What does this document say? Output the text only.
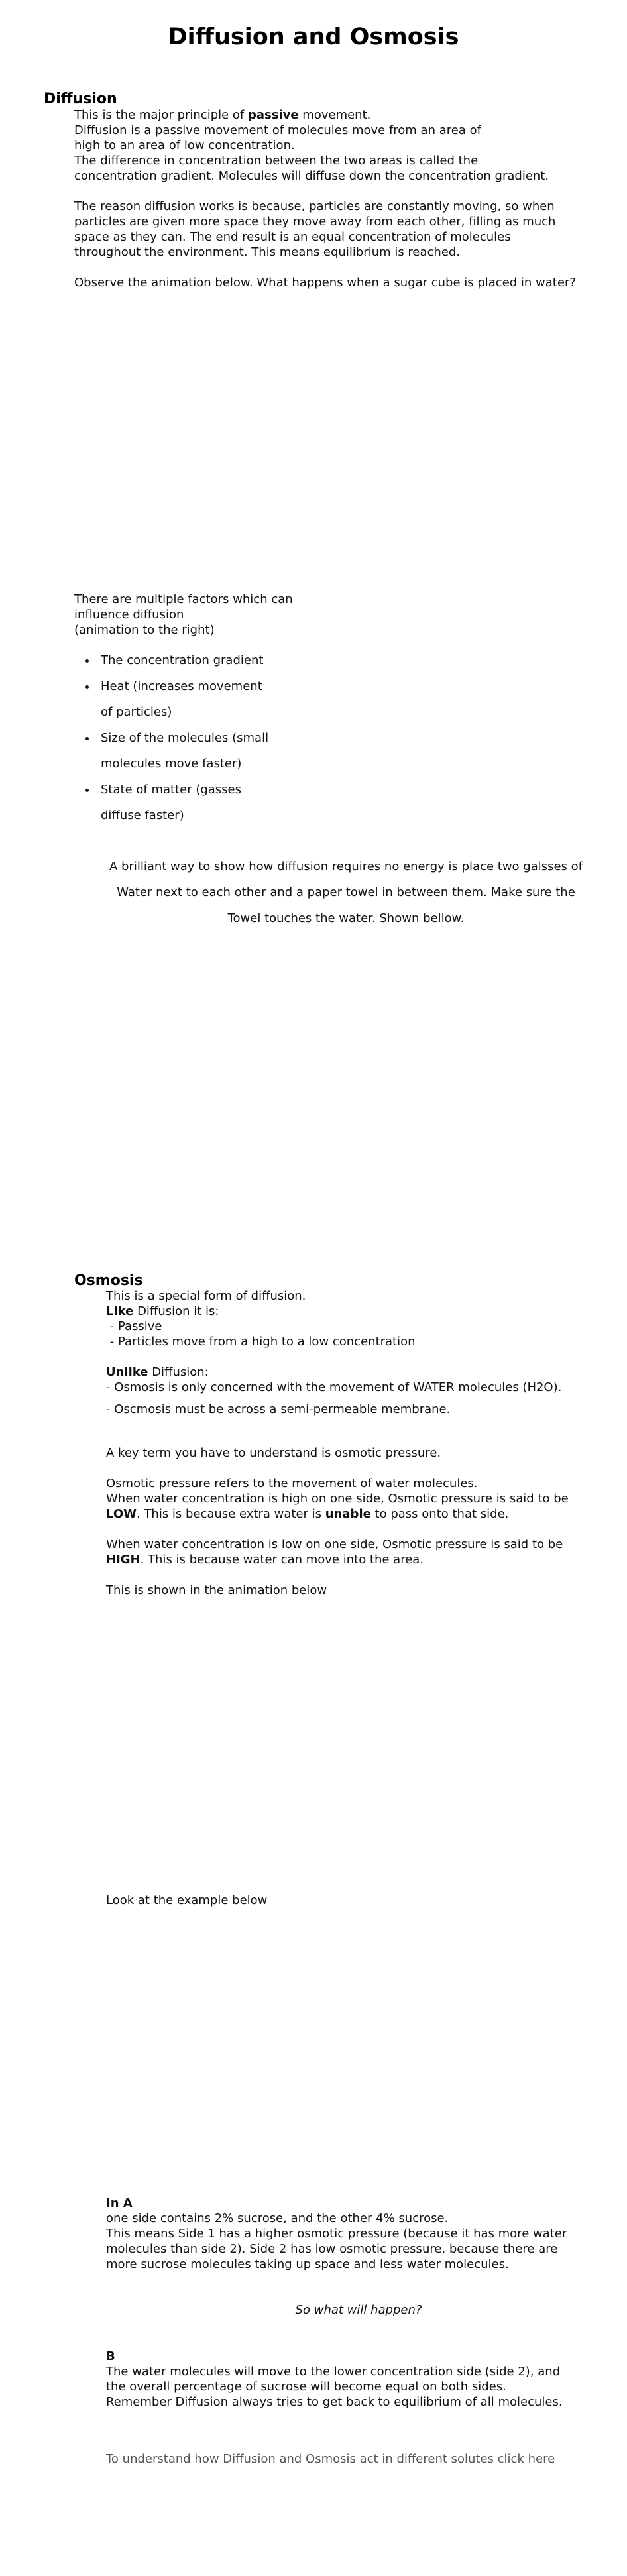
Diffusion and Osmosis
Diffusion
This is the major principle of passive movement.
Diffusion is a passive movement of molecules move from an area of
high to an area of low concentration.
The difference in concentration between the two areas is called the
concentration gradient. Molecules will diffuse down the concentration gradient.
The reason diffusion works is because, particles are constantly moving, so when
particles are given more space they move away from each other, filling as much
space as they can. The end result is an equal concentration of molecules
throughout the environment. This means equilibrium is reached.
Observe the animation below. What happens when a sugar cube is placed in water?
There are multiple factors which can
influence diffusion
(animation to the right)
• The concentration gradient
• Heat (increases movement
of particles)
• Size of the molecules (small
molecules move faster)
• State of matter (gasses
diffuse faster)
A brilliant way to show how diffusion requires no energy is place two galsses of
Water next to each other and a paper towel in between them. Make sure the
Towel touches the water. Shown bellow.
Osmosis
This is a special form of diffusion.
Like Diffusion it is:
- Passive
- Particles move from a high to a low concentration
Unlike Diffusion:
- Osmosis is only concerned with the movement of WATER molecules (H2O).
- Oscmosis must be across a semi-permeable membrane.
A key term you have to understand is osmotic pressure.
Osmotic pressure refers to the movement of water molecules.
When water concentration is high on one side, Osmotic pressure is said to be
LOW. This is because extra water is unable to pass onto that side.
When water concentration is low on one side, Osmotic pressure is said to be
HIGH. This is because water can move into the area.
This is shown in the animation below
Look at the example below
In A
one side contains 2% sucrose, and the other 4% sucrose.
This means Side 1 has a higher osmotic pressure (because it has more water
molecules than side 2). Side 2 has low osmotic pressure, because there are
more sucrose molecules taking up space and less water molecules.
So what will happen?
B
The water molecules will move to the lower concentration side (side 2), and
the overall percentage of sucrose will become equal on both sides.
Remember Diffusion always tries to get back to equilibrium of all molecules.
To understand how Diffusion and Osmosis act in different solutes click here
